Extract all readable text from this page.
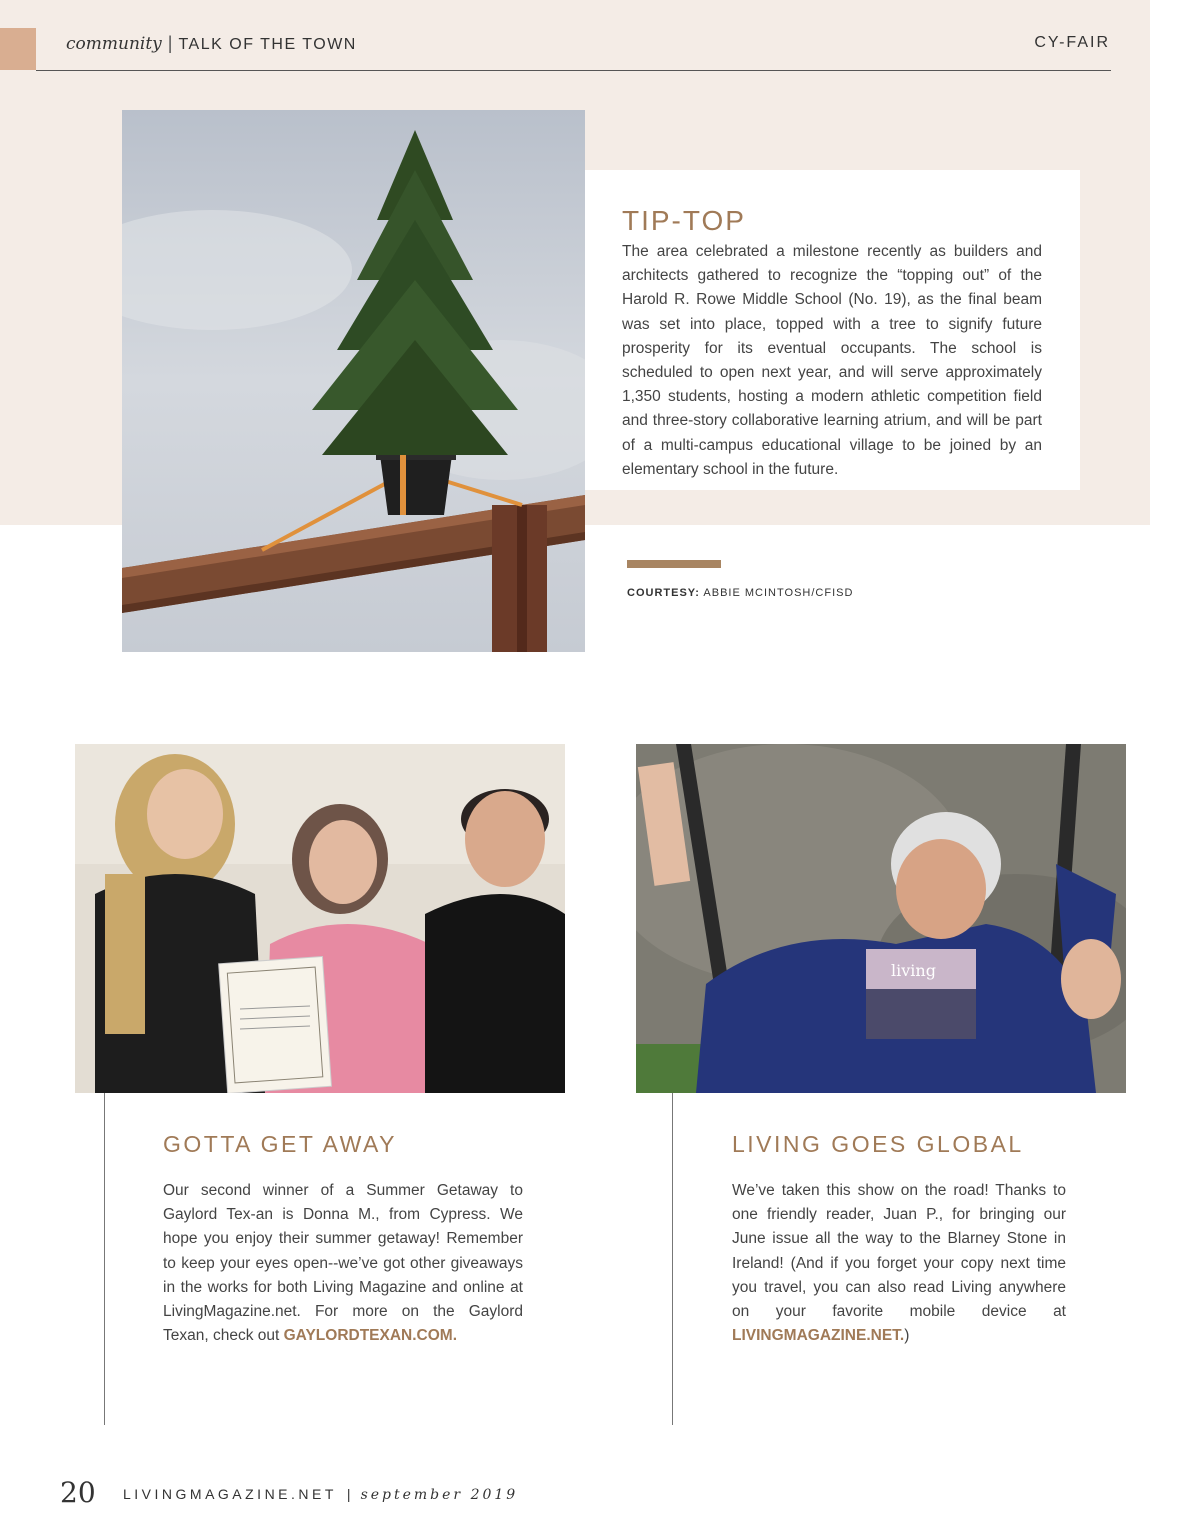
community | TALK OF THE TOWN	CY-FAIR
TIP-TOP
The area celebrated a milestone recently as builders and architects gathered to recognize the “topping out” of the Harold R. Rowe Middle School (No. 19), as the final beam was set into place, topped with a tree to signify future prosperity for its eventual occupants. The school is scheduled to open next year, and will serve approximately 1,350 students, hosting a modern athletic competition field and three-story collaborative learning atrium, and will be part of a multi-campus educational village to be joined by an elementary school in the future.
COURTESY: ABBIE MCINTOSH/CFISD
living
GOTTA GET AWAY
Our second winner of a Summer Getaway to Gaylord Tex-an is Donna M., from Cypress. We hope you enjoy their summer getaway! Remember to keep your eyes open--we’ve got other giveaways in the works for both Living Magazine and online at LivingMagazine.net. For more on the Gaylord Texan, check out GAYLORDTEXAN.COM.
LIVING GOES GLOBAL
We’ve taken this show on the road! Thanks to one friendly reader, Juan P., for bringing our June issue all the way to the Blarney Stone in Ireland! (And if you forget your copy next time you travel, you can also read Living anywhere on your favorite mobile device at LIVINGMAGAZINE.NET.)
20 LIVINGMAGAZINE.NET | september 2019
